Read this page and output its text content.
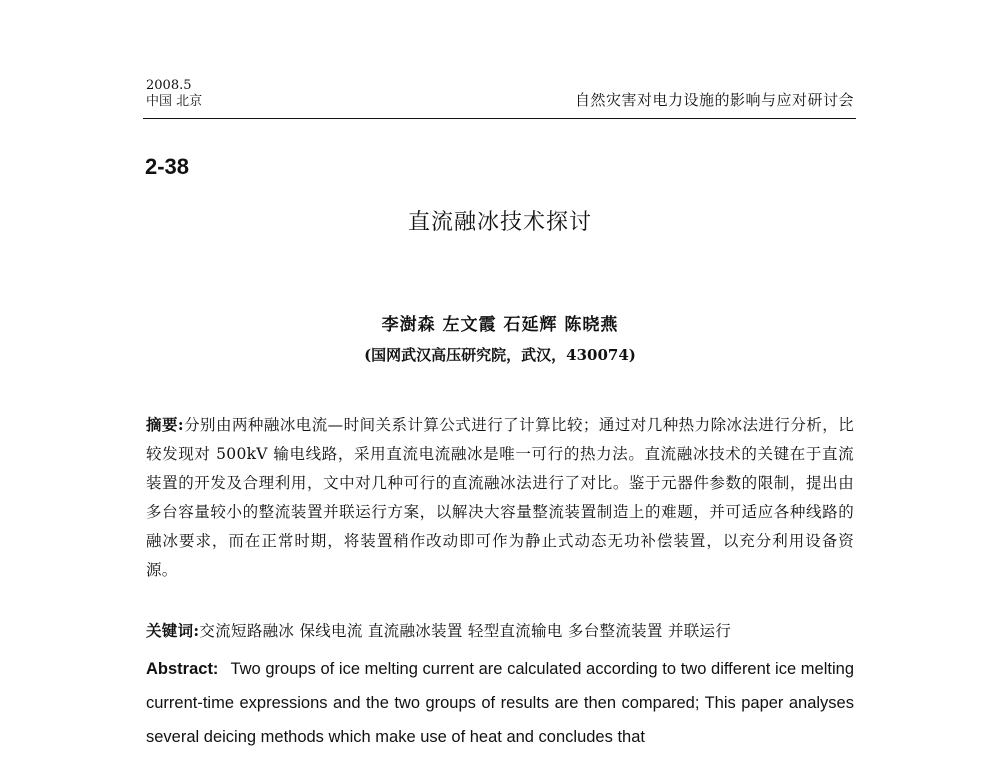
2008.5
中国 北京	自然灾害对电力设施的影响与应对研讨会
2-38
直流融冰技术探讨
李澍森 左文霞 石延辉 陈晓燕
(国网武汉高压研究院，武汉，430074)
摘要:分别由两种融冰电流—时间关系计算公式进行了计算比较；通过对几种热力除冰法进行分析，比较发现对 500kV 输电线路，采用直流电流融冰是唯一可行的热力法。直流融冰技术的关键在于直流装置的开发及合理利用，文中对几种可行的直流融冰法进行了对比。鉴于元器件参数的限制，提出由多台容量较小的整流装置并联运行方案，以解决大容量整流装置制造上的难题，并可适应各种线路的融冰要求，而在正常时期，将装置稍作改动即可作为静止式动态无功补偿装置，以充分利用设备资源。
关键词:交流短路融冰 保线电流 直流融冰装置 轻型直流输电 多台整流装置 并联运行
Abstract: Two groups of ice melting current are calculated according to two different ice melting current-time expressions and the two groups of results are then compared; This paper analyses several deicing methods which make use of heat and concludes that
